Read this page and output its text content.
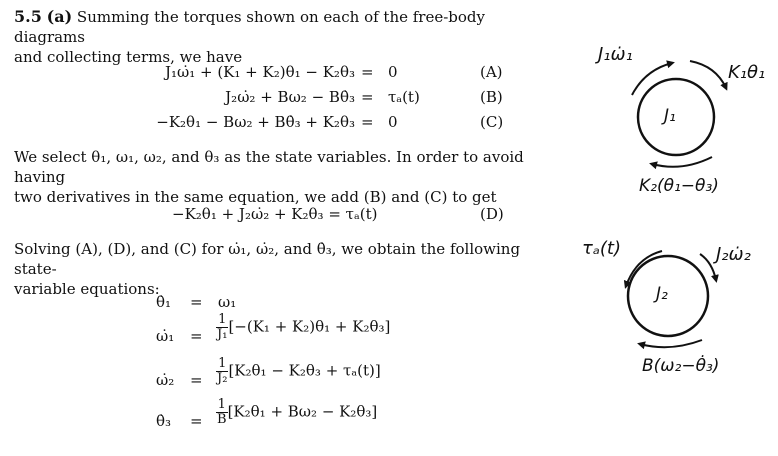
5.5 (a) Summing the torques shown on each of the free-body diagrams
and collecting terms, we have
J₁ω̇₁ + (K₁ + K₂)θ₁ − K₂θ₃ = 0	(A)
J₂ω̇₂ + Bω₂ − Bθ̇₃ = τₐ(t)	(B)
−K₂θ₁ − Bω₂ + Bθ̇₃ + K₂θ₃ = 0	(C)
We select θ₁, ω₁, ω₂, and θ₃ as the state variables. In order to avoid having
two derivatives in the same equation, we add (B) and (C) to get
−K₂θ₁ + J₂ω̇₂ + K₂θ₃ = τₐ(t)	(D)
Solving (A), (D), and (C) for ω̇₁, ω̇₂, and θ̇₃, we obtain the following state-
variable equations:
θ̇₁ = ω₁
ω̇₁ = $\frac{1}{\text{J₁}} [-(K_1 + K_2)\theta_1 + K_2\theta_3]$
ω̇₂ = $\frac{1}{\text{J₂}} [K_2\theta_1 - K_2\theta_3 + \tau_a(t)]$
θ̇₃ = $\frac{1}{B} [K_2\theta_1 + B\omega_2 - K_2\theta_3]$
J₁
J₁ω̇₁
K₁θ₁
K₂(θ₁−θ₃)
J₂
τₐ(t)	J₂ω̇₂
B(ω₂−θ̇₃)
